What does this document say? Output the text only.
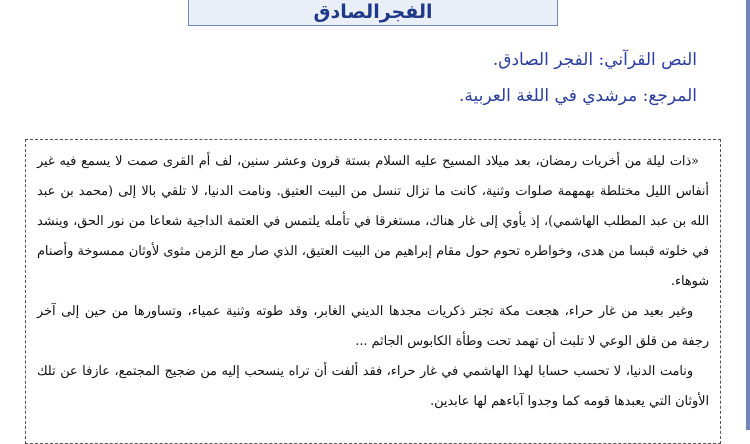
الفجرالصادق
النص القرآني: الفجر الصادق.
المرجع: مرشدي في اللغة العربية.

«ذات ليلة من أخريات رمضان، بعد ميلاد المسيح عليه السلام بستة قرون وعشر سنين، لف أم القرى صمت لا يسمع فيه غير أنفاس الليل مختلطة بهمهمة صلوات وثنية، كانت ما تزال تنسل من البيت العتيق. ونامت الدنيا، لا تلقي بالا إلى (محمد بن عبد الله بن عبد المطلب الهاشمي)، إذ يأوي إلى غار هناك، مستغرقا في تأمله يلتمس في العتمة الداجية شعاعا من نور الحق، وينشد في خلوته قبسا من هدى، وخواطره تحوم حول مقام إبراهيم من البيت العتيق، الذي صار مع الزمن مثوى لأوثان ممسوخة وأصنام شوهاء.

وغير بعيد من غار حراء، هجعت مكة تجتر ذكريات مجدها الديني الغابر، وقد طوته وثنية عمياء، وتساورها من حين إلى آخر رجفة من قلق الوعي لا تلبث أن تهمد تحت وطأة الكابوس الجاثم ...

ونامت الدنيا، لا تحسب حسابا لهذا الهاشمي في غار حراء، فقد ألفت أن تراه ينسحب إليه من ضجيج المجتمع، عازفا عن تلك الأوثان التي يعبدها قومه كما وجدوا آباءهم لها عابدين.
